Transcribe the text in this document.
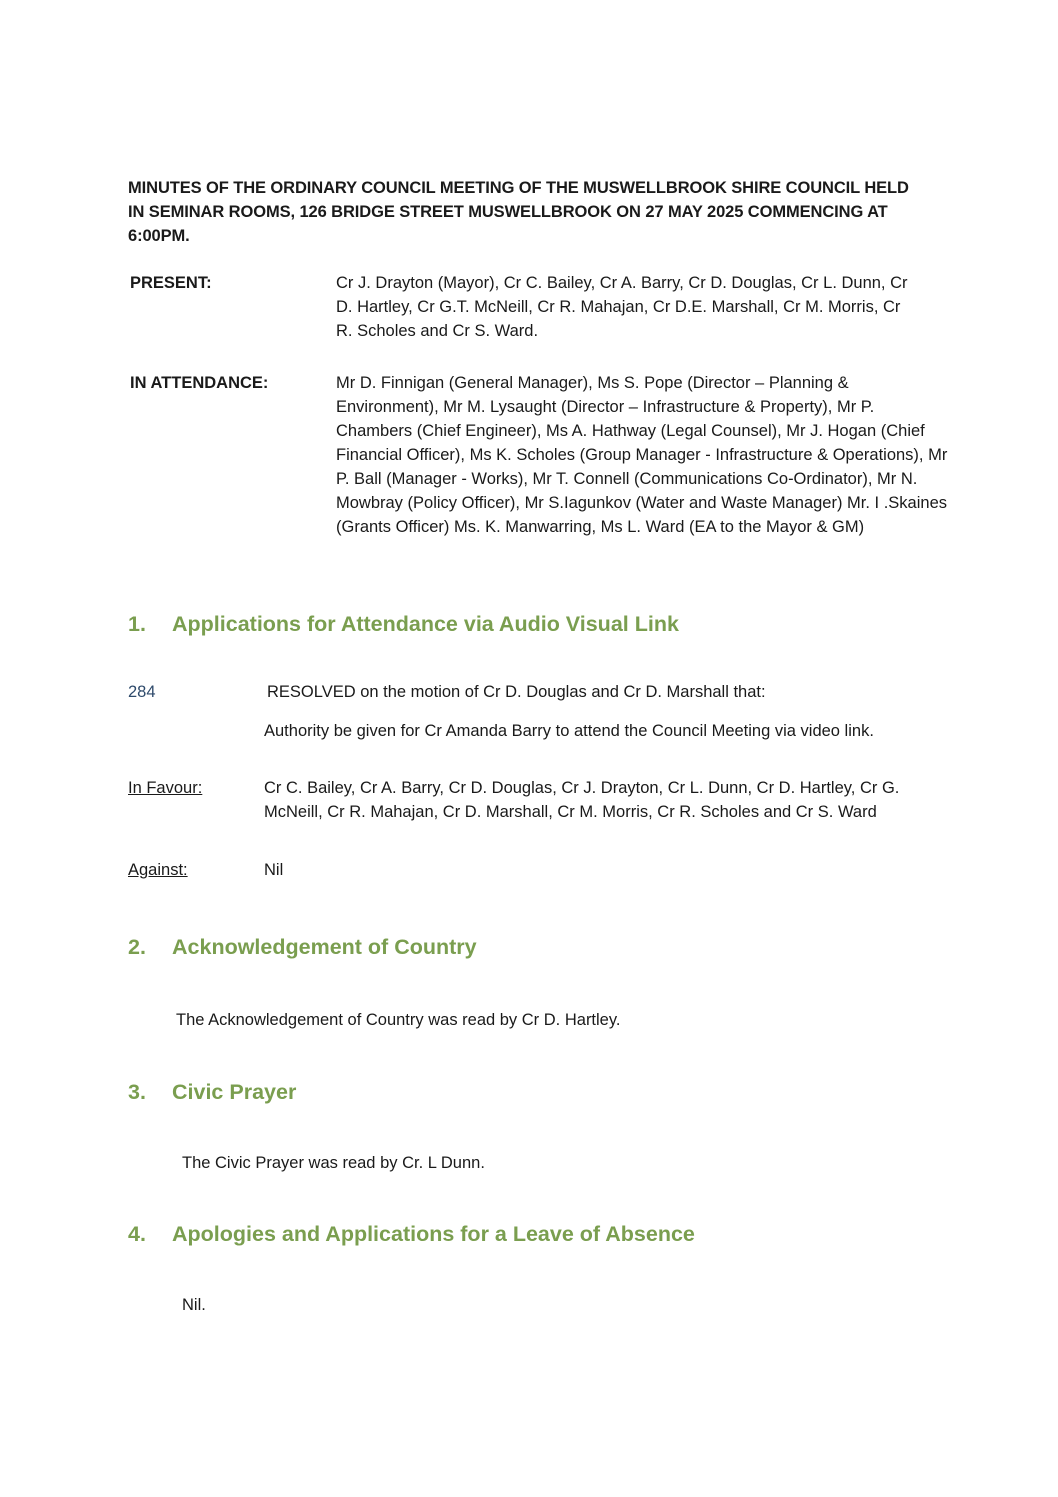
MINUTES OF THE ORDINARY COUNCIL MEETING OF THE MUSWELLBROOK SHIRE COUNCIL HELD IN SEMINAR ROOMS, 126 BRIDGE STREET MUSWELLBROOK ON 27 MAY 2025 COMMENCING AT 6:00PM.
PRESENT:	Cr J. Drayton (Mayor), Cr C. Bailey, Cr A. Barry, Cr D. Douglas, Cr L. Dunn, Cr D. Hartley, Cr G.T. McNeill, Cr R. Mahajan, Cr D.E. Marshall, Cr M. Morris, Cr R. Scholes and Cr S. Ward.
IN ATTENDANCE:	Mr D. Finnigan (General Manager), Ms S. Pope (Director – Planning & Environment), Mr M. Lysaught (Director – Infrastructure & Property), Mr P. Chambers (Chief Engineer), Ms A. Hathway (Legal Counsel), Mr J. Hogan (Chief Financial Officer), Ms K. Scholes (Group Manager - Infrastructure & Operations), Mr P. Ball (Manager - Works), Mr T. Connell (Communications Co-Ordinator), Mr N. Mowbray (Policy Officer), Mr S.Iagunkov (Water and Waste Manager) Mr. I .Skaines (Grants Officer) Ms. K. Manwarring, Ms L. Ward (EA to the Mayor & GM)
1. Applications for Attendance via Audio Visual Link
284	RESOLVED on the motion of Cr D. Douglas and Cr D. Marshall that:
Authority be given for Cr Amanda Barry to attend the Council Meeting via video link.
In Favour:	Cr C. Bailey, Cr A. Barry, Cr D. Douglas, Cr J. Drayton, Cr L. Dunn, Cr D. Hartley, Cr G. McNeill, Cr R. Mahajan, Cr D. Marshall, Cr M. Morris, Cr R. Scholes and Cr S. Ward
Against:	Nil
2. Acknowledgement of Country
The Acknowledgement of Country was read by Cr D. Hartley.
3. Civic Prayer
The Civic Prayer was read by Cr. L Dunn.
4. Apologies and Applications for a Leave of Absence
Nil.
